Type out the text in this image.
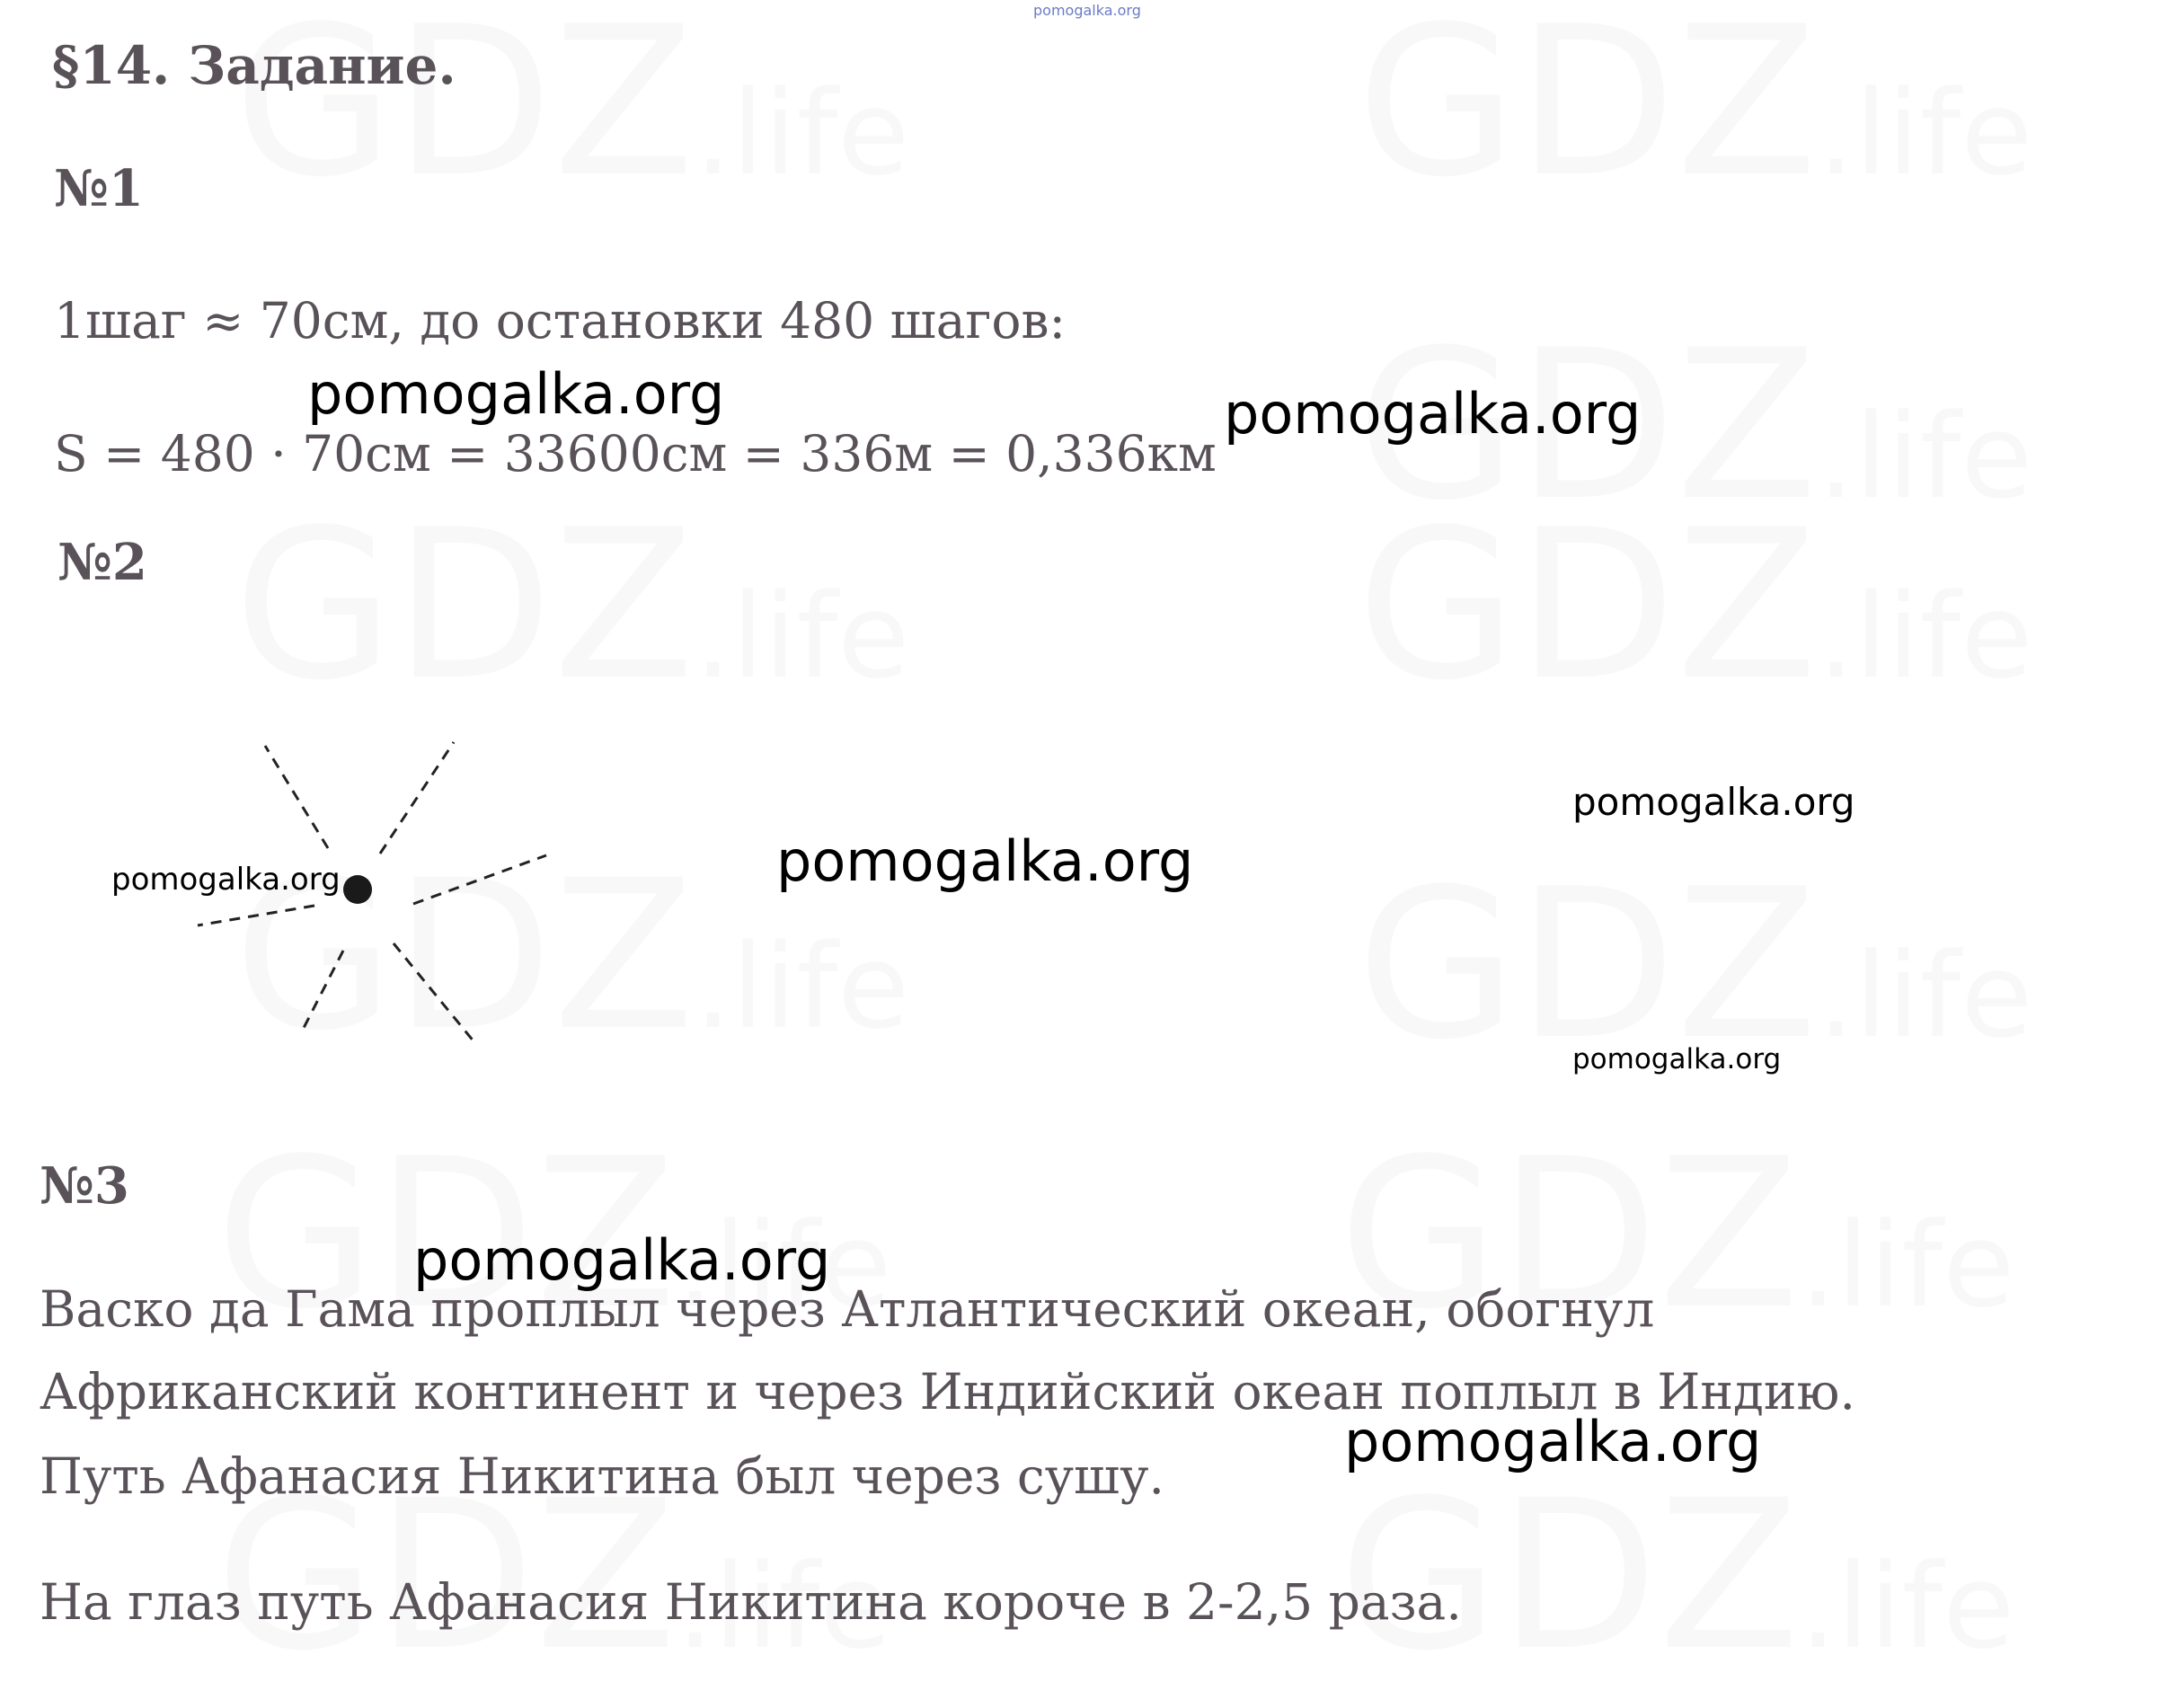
pomogalka.org
§14. Задание.
№1
1шаг ≈ 70см, до остановки 480 шагов:
S = 480 · 70см = 33600см = 336м = 0,336км
№2
pomogalka.org
№3
Васко да Гама проплыл через Атлантический океан, обогнул
Африканский континент и через Индийский океан поплыл в Индию.
Путь Афанасия Никитина был через сушу.
На глаз путь Афанасия Никитина короче в 2-2,5 раза.
pomogalka.org	pomogalka.org
pomogalka.org
pomogalka.org
pomogalka.org
pomogalka.org
pomogalka.org
